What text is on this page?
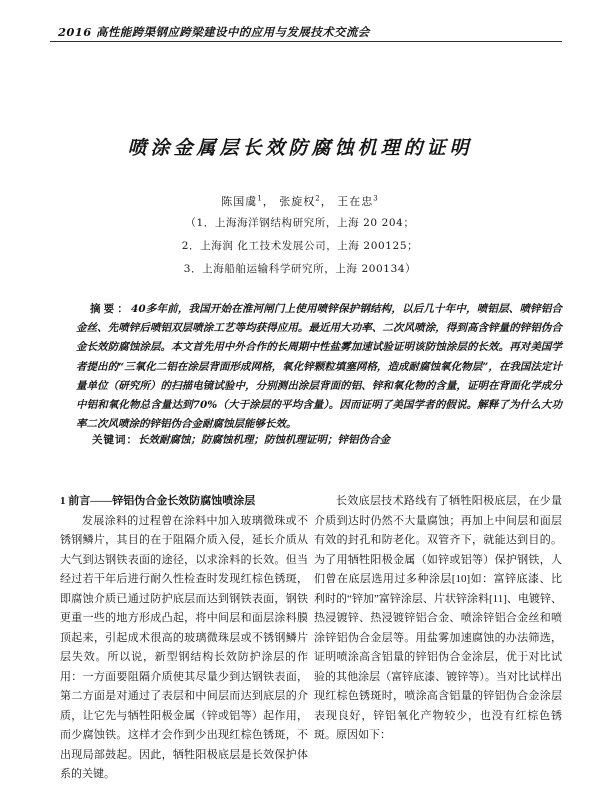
2016 高性能跨渠钢应跨梁建设中的应用与发展技术交流会
喷涂金属层长效防腐蚀机理的证明
陈国虞$^1$， 张旋权$^2$， 王在忠$^3$
（1．上海海洋钢结构研究所，上海 20 204；
2．上海润 化工技术发展公司，上海 200125；
3．上海船舶运输科学研究所，上海 200134）
摘要：40多年前，我国开始在淮河闸门上使用喷锌保护钢结构，以后几十年中，喷铝层、喷锌铝合金丝、先喷锌后喷铝双层喷涂工艺等均获得应用。最近用大功率、二次风喷涂，得到高含锌量的锌铝伪合金长效防腐蚀涂层。本文首先用中外合作的长周期中性盐雾加速试验证明该防蚀涂层的长效。再对美国学者提出的“三氧化二铝在涂层背面形成网格，氧化锌颗粒填塞网格，造成耐腐蚀氧化物层”，在我国法定计量单位（研究所）的扫描电镜试验中，分别测出涂层背面的铝、锌和氧化物的含量，证明在背面化学成分中铝和氧化物总含量达到70%（大于涂层的平均含量）。因而证明了美国学者的假说。解释了为什么大功率二次风喷涂的锌铝伪合金耐腐蚀层能够长效。
关键词：长效耐腐蚀；防腐蚀机理；防蚀机理证明；锌铝伪合金
1 前言——锌铝伪合金长效防腐蚀喷涂层

发展涂料的过程曾在涂料中加入玻璃微珠或不锈钢鳞片，其目的在于阻隔介质入侵，延长介质从大气到达钢铁表面的途径，以求涂料的长效。但当经过若干年后进行耐久性检查时发现红棕色锈斑，即腐蚀介质已通过防护底层而达到钢铁表面，钢铁更重一些的地方形成凸起，将中间层和面层涂料膜顶起来，引起成术很高的玻璃微珠层或不锈钢鳞片层失效。所以说，新型钢结构长效防护涂层的作用：一方面要阻隔介质使其尽量少到达钢铁表面，第二方面是对通过了表层和中间层而达到底层的介质，让它先与牺牲阳极金属（锌或铝等）起作用，而少腐蚀铁。这样才会作到少出现红棕色锈斑，不出现局部鼓起。因此，牺牲阳极底层是长效保护体系的关键。

长效底层技术路线有了牺牲阳极底层，在少量介质到达时仍然不大量腐蚀；再加上中间层和面层有效的封孔和防老化。双管齐下，就能达到目的。为了用牺牲阳极金属（如锌或铝等）保护钢铁，人们曾在底层选用过多种涂层[10]如：富锌底漆、比利时的“锌加”富锌涂层、片状锌涂料[11]、电镀锌、热浸镀锌、热浸镀锌铝合金、喷涂锌铝合金丝和喷涂锌铝伪合金层等。用盐雾加速腐蚀的办法筛选，证明喷涂高含铝量的锌铝伪合金涂层，优于对比试验的其他涂层（富锌底漆、镀锌等）。当对比试样出现红棕色锈斑时，喷涂高含铝量的锌铝伪合金涂层表现良好，锌铝氧化产物较少，也没有红棕色锈斑。原因如下：
